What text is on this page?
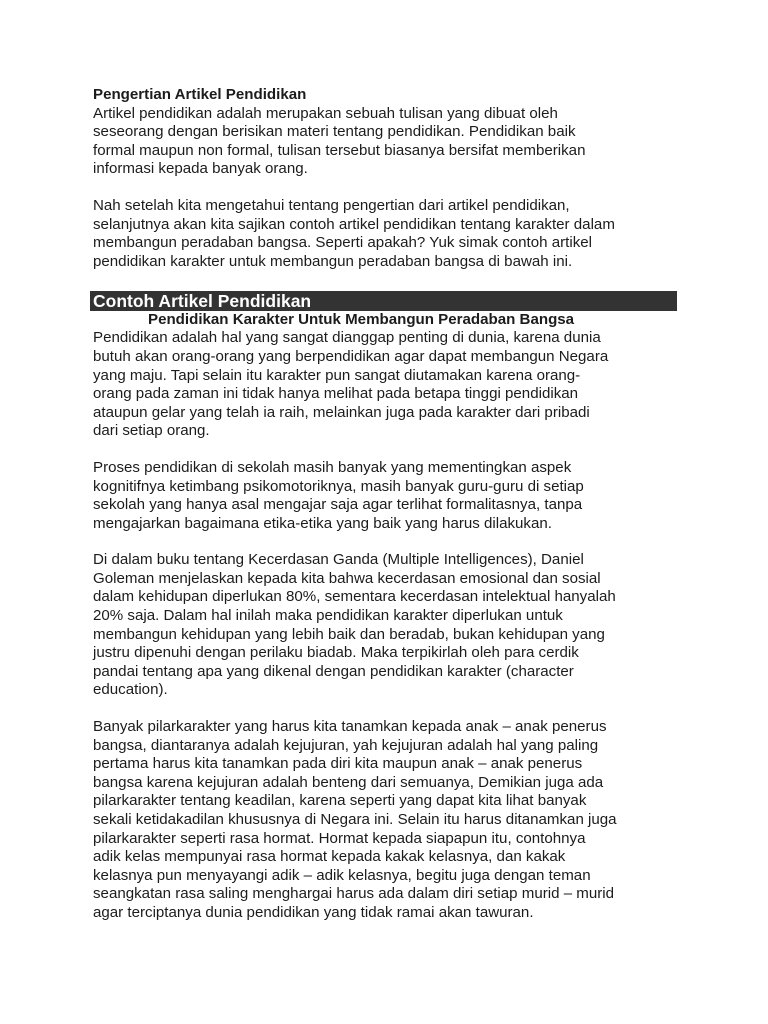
Pengertian Artikel Pendidikan

Artikel pendidikan adalah merupakan sebuah tulisan yang dibuat oleh
seseorang dengan berisikan materi tentang pendidikan. Pendidikan baik
formal maupun non formal, tulisan tersebut biasanya bersifat memberikan
informasi kepada banyak orang.

Nah setelah kita mengetahui tentang pengertian dari artikel pendidikan,
selanjutnya akan kita sajikan contoh artikel pendidikan tentang karakter dalam
membangun peradaban bangsa. Seperti apakah? Yuk simak contoh artikel
pendidikan karakter untuk membangun peradaban bangsa di bawah ini.

Contoh Artikel Pendidikan

Pendidikan Karakter Untuk Membangun Peradaban Bangsa

Pendidikan adalah hal yang sangat dianggap penting di dunia, karena dunia
butuh akan orang-orang yang berpendidikan agar dapat membangun Negara
yang maju. Tapi selain itu karakter pun sangat diutamakan karena orang-
orang pada zaman ini tidak hanya melihat pada betapa tinggi pendidikan
ataupun gelar yang telah ia raih, melainkan juga pada karakter dari pribadi
dari setiap orang.

Proses pendidikan di sekolah masih banyak yang mementingkan aspek
kognitifnya ketimbang psikomotoriknya, masih banyak guru-guru di setiap
sekolah yang hanya asal mengajar saja agar terlihat formalitasnya, tanpa
mengajarkan bagaimana etika-etika yang baik yang harus dilakukan.

Di dalam buku tentang Kecerdasan Ganda (Multiple Intelligences), Daniel
Goleman menjelaskan kepada kita bahwa kecerdasan emosional dan sosial
dalam kehidupan diperlukan 80%, sementara kecerdasan intelektual hanyalah
20% saja. Dalam hal inilah maka pendidikan karakter diperlukan untuk
membangun kehidupan yang lebih baik dan beradab, bukan kehidupan yang
justru dipenuhi dengan perilaku biadab. Maka terpikirlah oleh para cerdik
pandai tentang apa yang dikenal dengan pendidikan karakter (character
education).

Banyak pilarkarakter yang harus kita tanamkan kepada anak – anak penerus
bangsa, diantaranya adalah kejujuran, yah kejujuran adalah hal yang paling
pertama harus kita tanamkan pada diri kita maupun anak – anak penerus
bangsa karena kejujuran adalah benteng dari semuanya, Demikian juga ada
pilarkarakter tentang keadilan, karena seperti yang dapat kita lihat banyak
sekali ketidakadilan khususnya di Negara ini. Selain itu harus ditanamkan juga
pilarkarakter seperti rasa hormat. Hormat kepada siapapun itu, contohnya
adik kelas mempunyai rasa hormat kepada kakak kelasnya, dan kakak
kelasnya pun menyayangi adik – adik kelasnya, begitu juga dengan teman
seangkatan rasa saling menghargai harus ada dalam diri setiap murid – murid
agar terciptanya dunia pendidikan yang tidak ramai akan tawuran.
